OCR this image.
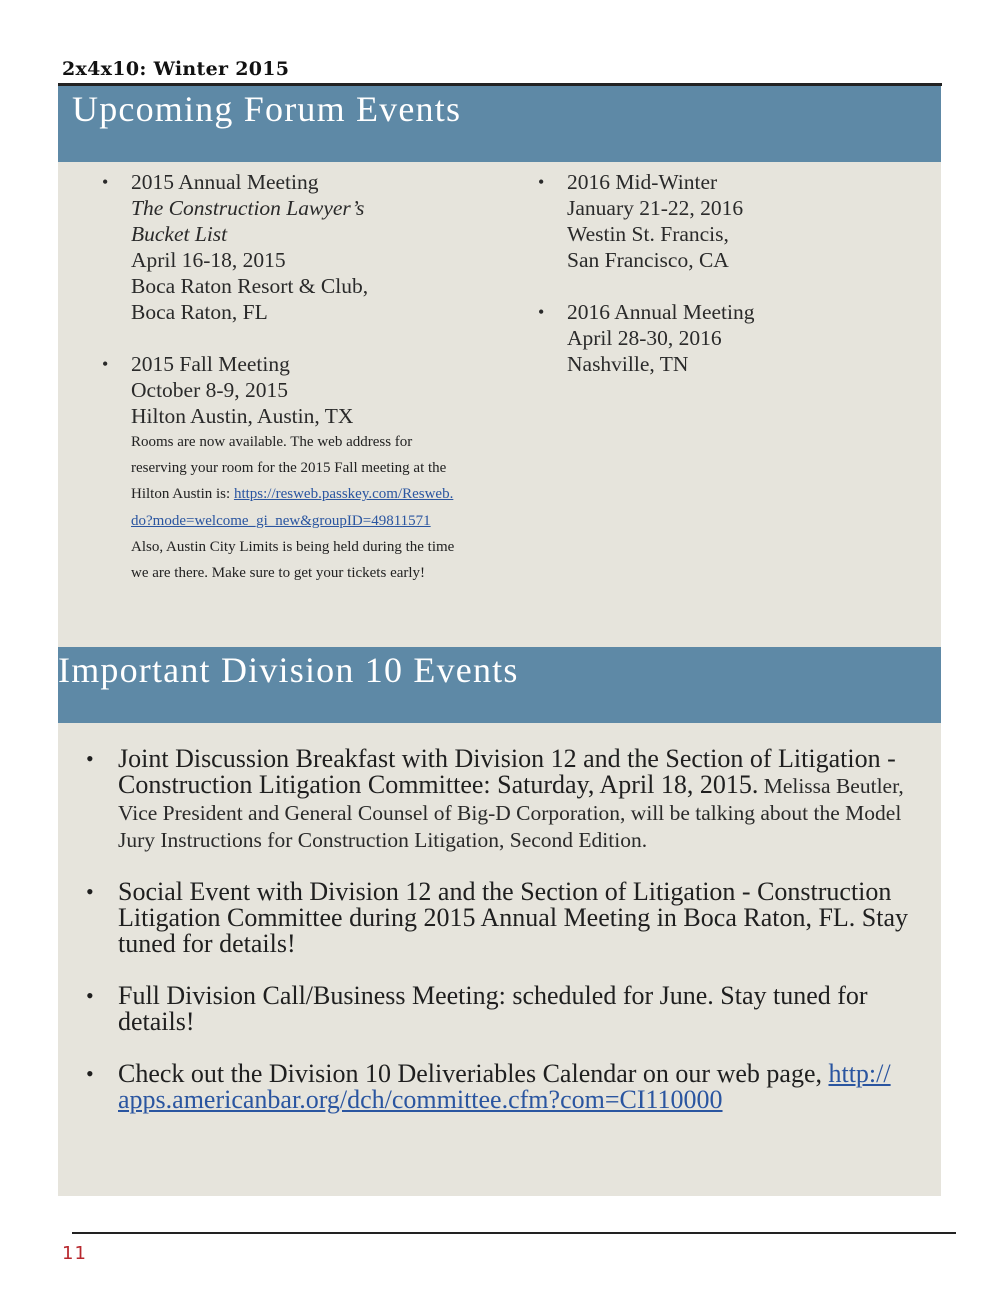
2x4x10: Winter 2015
Upcoming Forum Events
• 2015 Annual Meeting
The Construction Lawyer’s
Bucket List
April 16-18, 2015
Boca Raton Resort & Club,
Boca Raton, FL
• 2015 Fall Meeting
October 8-9, 2015
Hilton Austin, Austin, TX
Rooms are now available. The web address for
reserving your room for the 2015 Fall meeting at the
Hilton Austin is: https://resweb.passkey.com/Resweb.
do?mode=welcome_gi_new&groupID=49811571
Also, Austin City Limits is being held during the time
we are there. Make sure to get your tickets early!
• 2016 Mid-Winter
January 21-22, 2016
Westin St. Francis,
San Francisco, CA
• 2016 Annual Meeting
April 28-30, 2016
Nashville, TN
Important Division 10 Events
• Joint Discussion Breakfast with Division 12 and the Section of Litigation - Construction Litigation Committee: Saturday, April 18, 2015. Melissa Beutler, Vice President and General Counsel of Big-D Corporation, will be talking about the Model Jury Instructions for Construction Litigation, Second Edition.
• Social Event with Division 12 and the Section of Litigation - Construction Litigation Committee during 2015 Annual Meeting in Boca Raton, FL. Stay tuned for details!
• Full Division Call/Business Meeting: scheduled for June. Stay tuned for details!
• Check out the Division 10 Deliveriables Calendar on our web page, http:// apps.americanbar.org/dch/committee.cfm?com=CI110000
11
